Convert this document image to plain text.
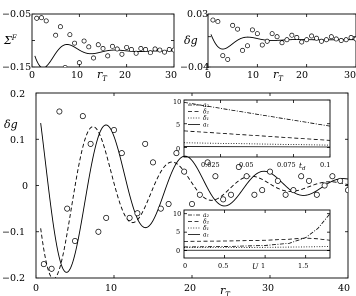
$\Sigma^F$
−0.05
−0.15
0	10	20	30
$r_T$
δg
0.03
−0.04
0	10	20	30
$r_T$
δg
0.2
0.1
0
−0.1
−0.2
0	10	20	30	40
$r_T$
10
5
0
0.025	0.05	0.075	0.1
$t_d$
a₂
δ₂
δ₁
a₁
10
5
0
0	0.5	1	1.5
U
a₂
δ₂
δ₁
a₁
